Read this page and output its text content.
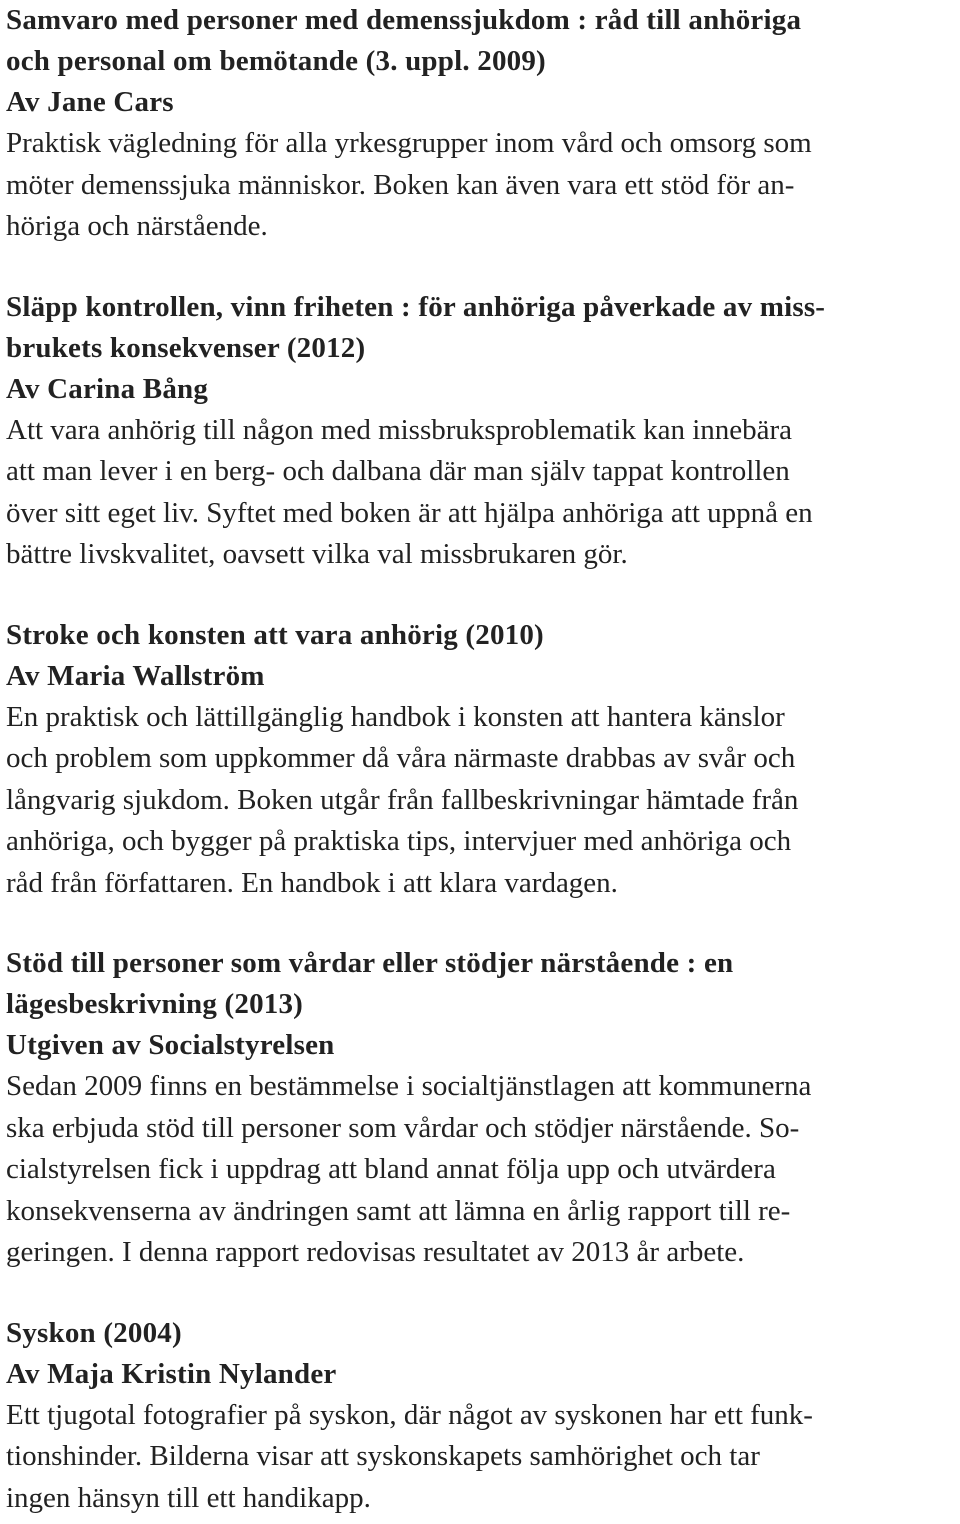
Samvaro med personer med demenssjukdom : råd till anhöriga
och personal om bemötande (3. uppl. 2009)
Av Jane Cars
Praktisk vägledning för alla yrkesgrupper inom vård och omsorg som
möter demenssjuka människor. Boken kan även vara ett stöd för an-
höriga och närstående.
Släpp kontrollen, vinn friheten : för anhöriga påverkade av miss-
brukets konsekvenser (2012)
Av Carina Bång
Att vara anhörig till någon med missbruksproblematik kan innebära
att man lever i en berg- och dalbana där man själv tappat kontrollen
över sitt eget liv. Syftet med boken är att hjälpa anhöriga att uppnå en
bättre livskvalitet, oavsett vilka val missbrukaren gör.
Stroke och konsten att vara anhörig (2010)
Av Maria Wallström
En praktisk och lättillgänglig handbok i konsten att hantera känslor
och problem som uppkommer då våra närmaste drabbas av svår och
långvarig sjukdom. Boken utgår från fallbeskrivningar hämtade från
anhöriga, och bygger på praktiska tips, intervjuer med anhöriga och
råd från författaren. En handbok i att klara vardagen.
Stöd till personer som vårdar eller stödjer närstående : en
lägesbeskrivning (2013)
Utgiven av Socialstyrelsen
Sedan 2009 finns en bestämmelse i socialtjänstlagen att kommunerna
ska erbjuda stöd till personer som vårdar och stödjer närstående. So-
cialstyrelsen fick i uppdrag att bland annat följa upp och utvärdera
konsekvenserna av ändringen samt att lämna en årlig rapport till re-
geringen. I denna rapport redovisas resultatet av 2013 år arbete.
Syskon (2004)
Av Maja Kristin Nylander
Ett tjugotal fotografier på syskon, där något av syskonen har ett funk-
tionshinder. Bilderna visar att syskonskapets samhörighet och tar
ingen hänsyn till ett handikapp.
